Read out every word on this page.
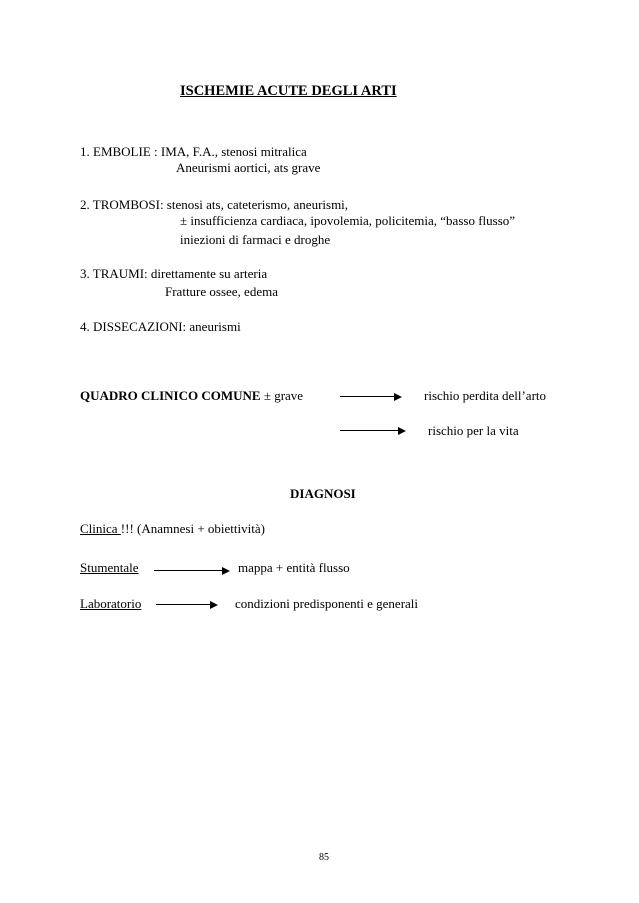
ISCHEMIE ACUTE DEGLI ARTI
1. EMBOLIE : IMA, F.A., stenosi mitralica
Aneurismi aortici, ats grave
2. TROMBOSI: stenosi ats, cateterismo, aneurismi,
± insufficienza cardiaca, ipovolemia, policitemia, “basso flusso”
iniezioni di farmaci e droghe
3. TRAUMI: direttamente su arteria
Fratture ossee, edema
4. DISSECAZIONI: aneurismi
QUADRO CLINICO COMUNE ± grave	rischio perdita dell’arto
rischio per la vita
DIAGNOSI
Clinica !!! (Anamnesi + obiettività)
Stumentale	mappa + entità flusso
Laboratorio	condizioni predisponenti e generali
85
